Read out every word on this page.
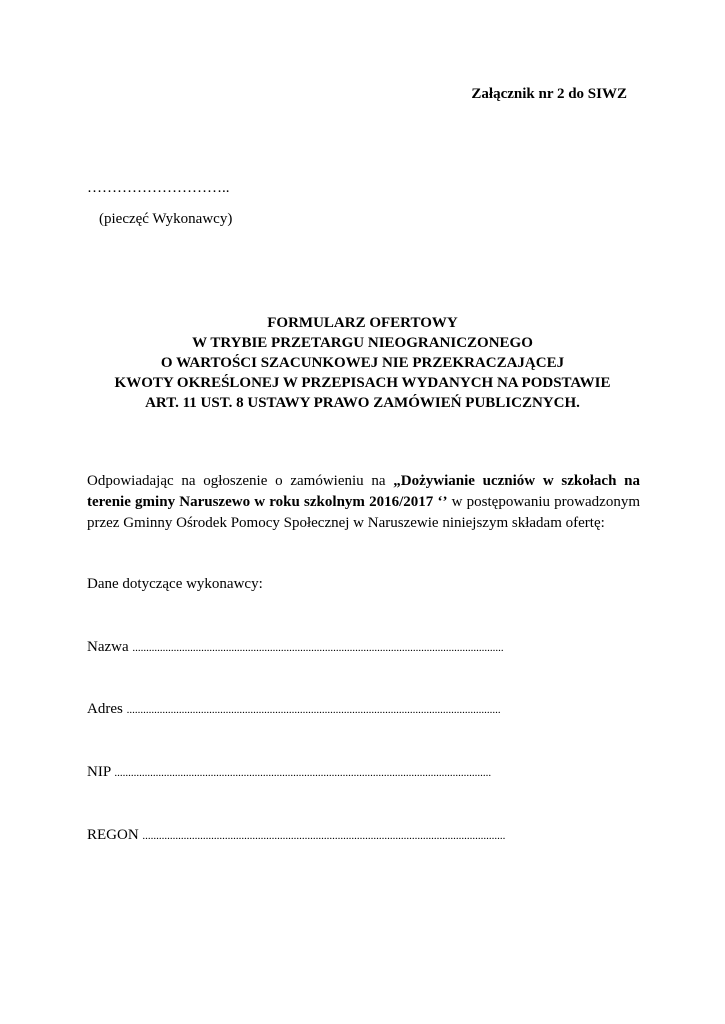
Załącznik nr 2 do SIWZ
………………………..
(pieczęć Wykonawcy)
FORMULARZ OFERTOWY
W TRYBIE PRZETARGU NIEOGRANICZONEGO
O WARTOŚCI SZACUNKOWEJ NIE PRZEKRACZAJĄCEJ
KWOTY OKREŚLONEJ W PRZEPISACH WYDANYCH NA PODSTAWIE
ART. 11 UST. 8 USTAWY PRAWO ZAMÓWIEŃ PUBLICZNYCH.
Odpowiadając na ogłoszenie o zamówieniu na „Dożywianie uczniów w szkołach na terenie gminy Naruszewo w roku szkolnym 2016/2017 ‘’ w postępowaniu prowadzonym przez Gminny Ośrodek Pomocy Społecznej w Naruszewie niniejszym składam ofertę:
Dane dotyczące wykonawcy:
Nazwa .......................................................................................................................................
Adres ........................................................................................................................................
NIP .........................................................................................................................................
REGON ....................................................................................................................................
